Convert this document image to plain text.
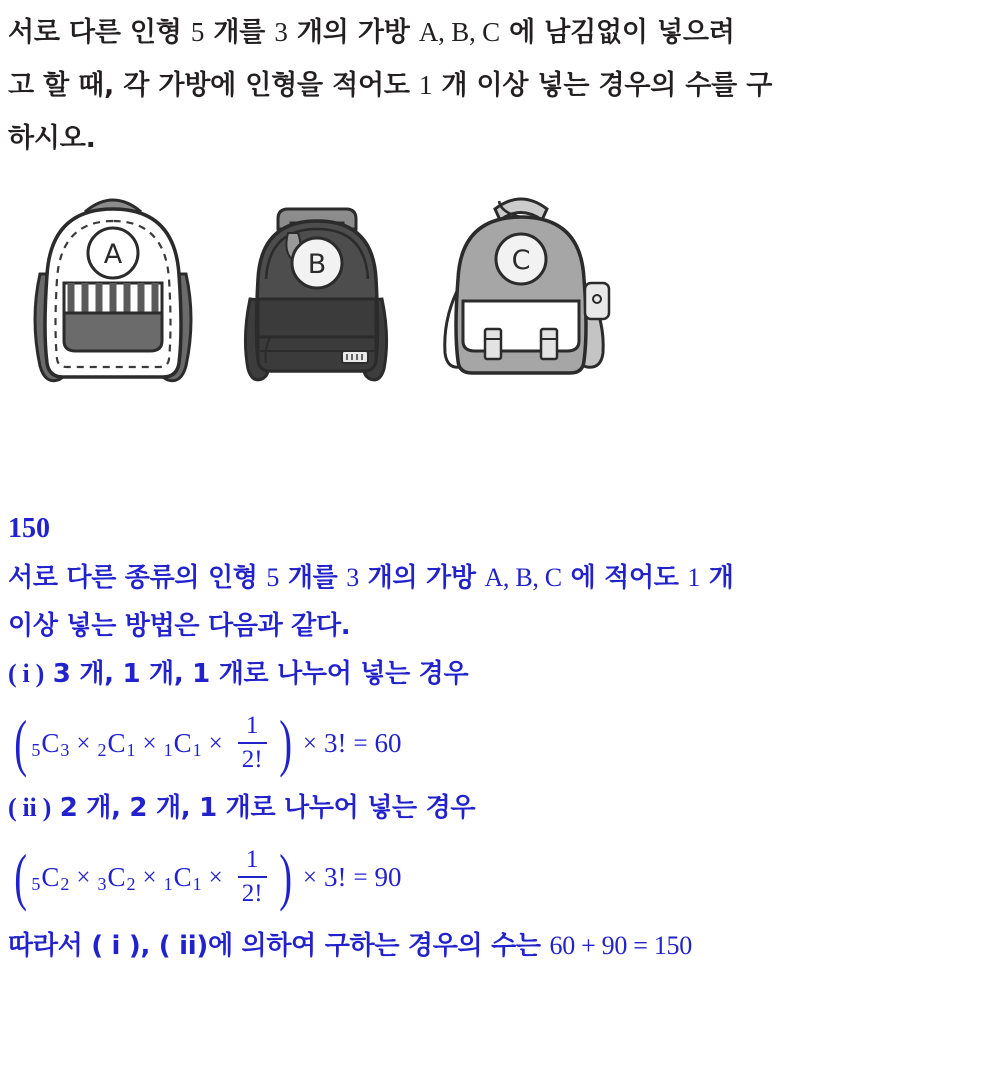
서로 다른 인형 5 개를 3 개의 가방 A, B, C 에 남김없이 넣으려
고 할 때, 각 가방에 인형을 적어도 1 개 이상 넣는 경우의 수를 구
하시오.
A	B	C
150
서로 다른 종류의 인형 5 개를 3 개의 가방 A, B, C 에 적어도 1 개
이상 넣는 방법은 다음과 같다.
( i ) 3 개, 1 개, 1 개로 나누어 넣는 경우
( 5 C 3 × 2 C 1 × 1 C $1 \times \frac{1}{2!}$ ) × 3! = 60
( ii ) 2 개, 2 개, 1 개로 나누어 넣는 경우
( 5 C 2 × 3 C 2 × 1 C $1 \times \frac{1}{2!}$ ) × 3! = 90
따라서 ( i ), ( ii)에 의하여 구하는 경우의 수는 60 + 90 = 150
